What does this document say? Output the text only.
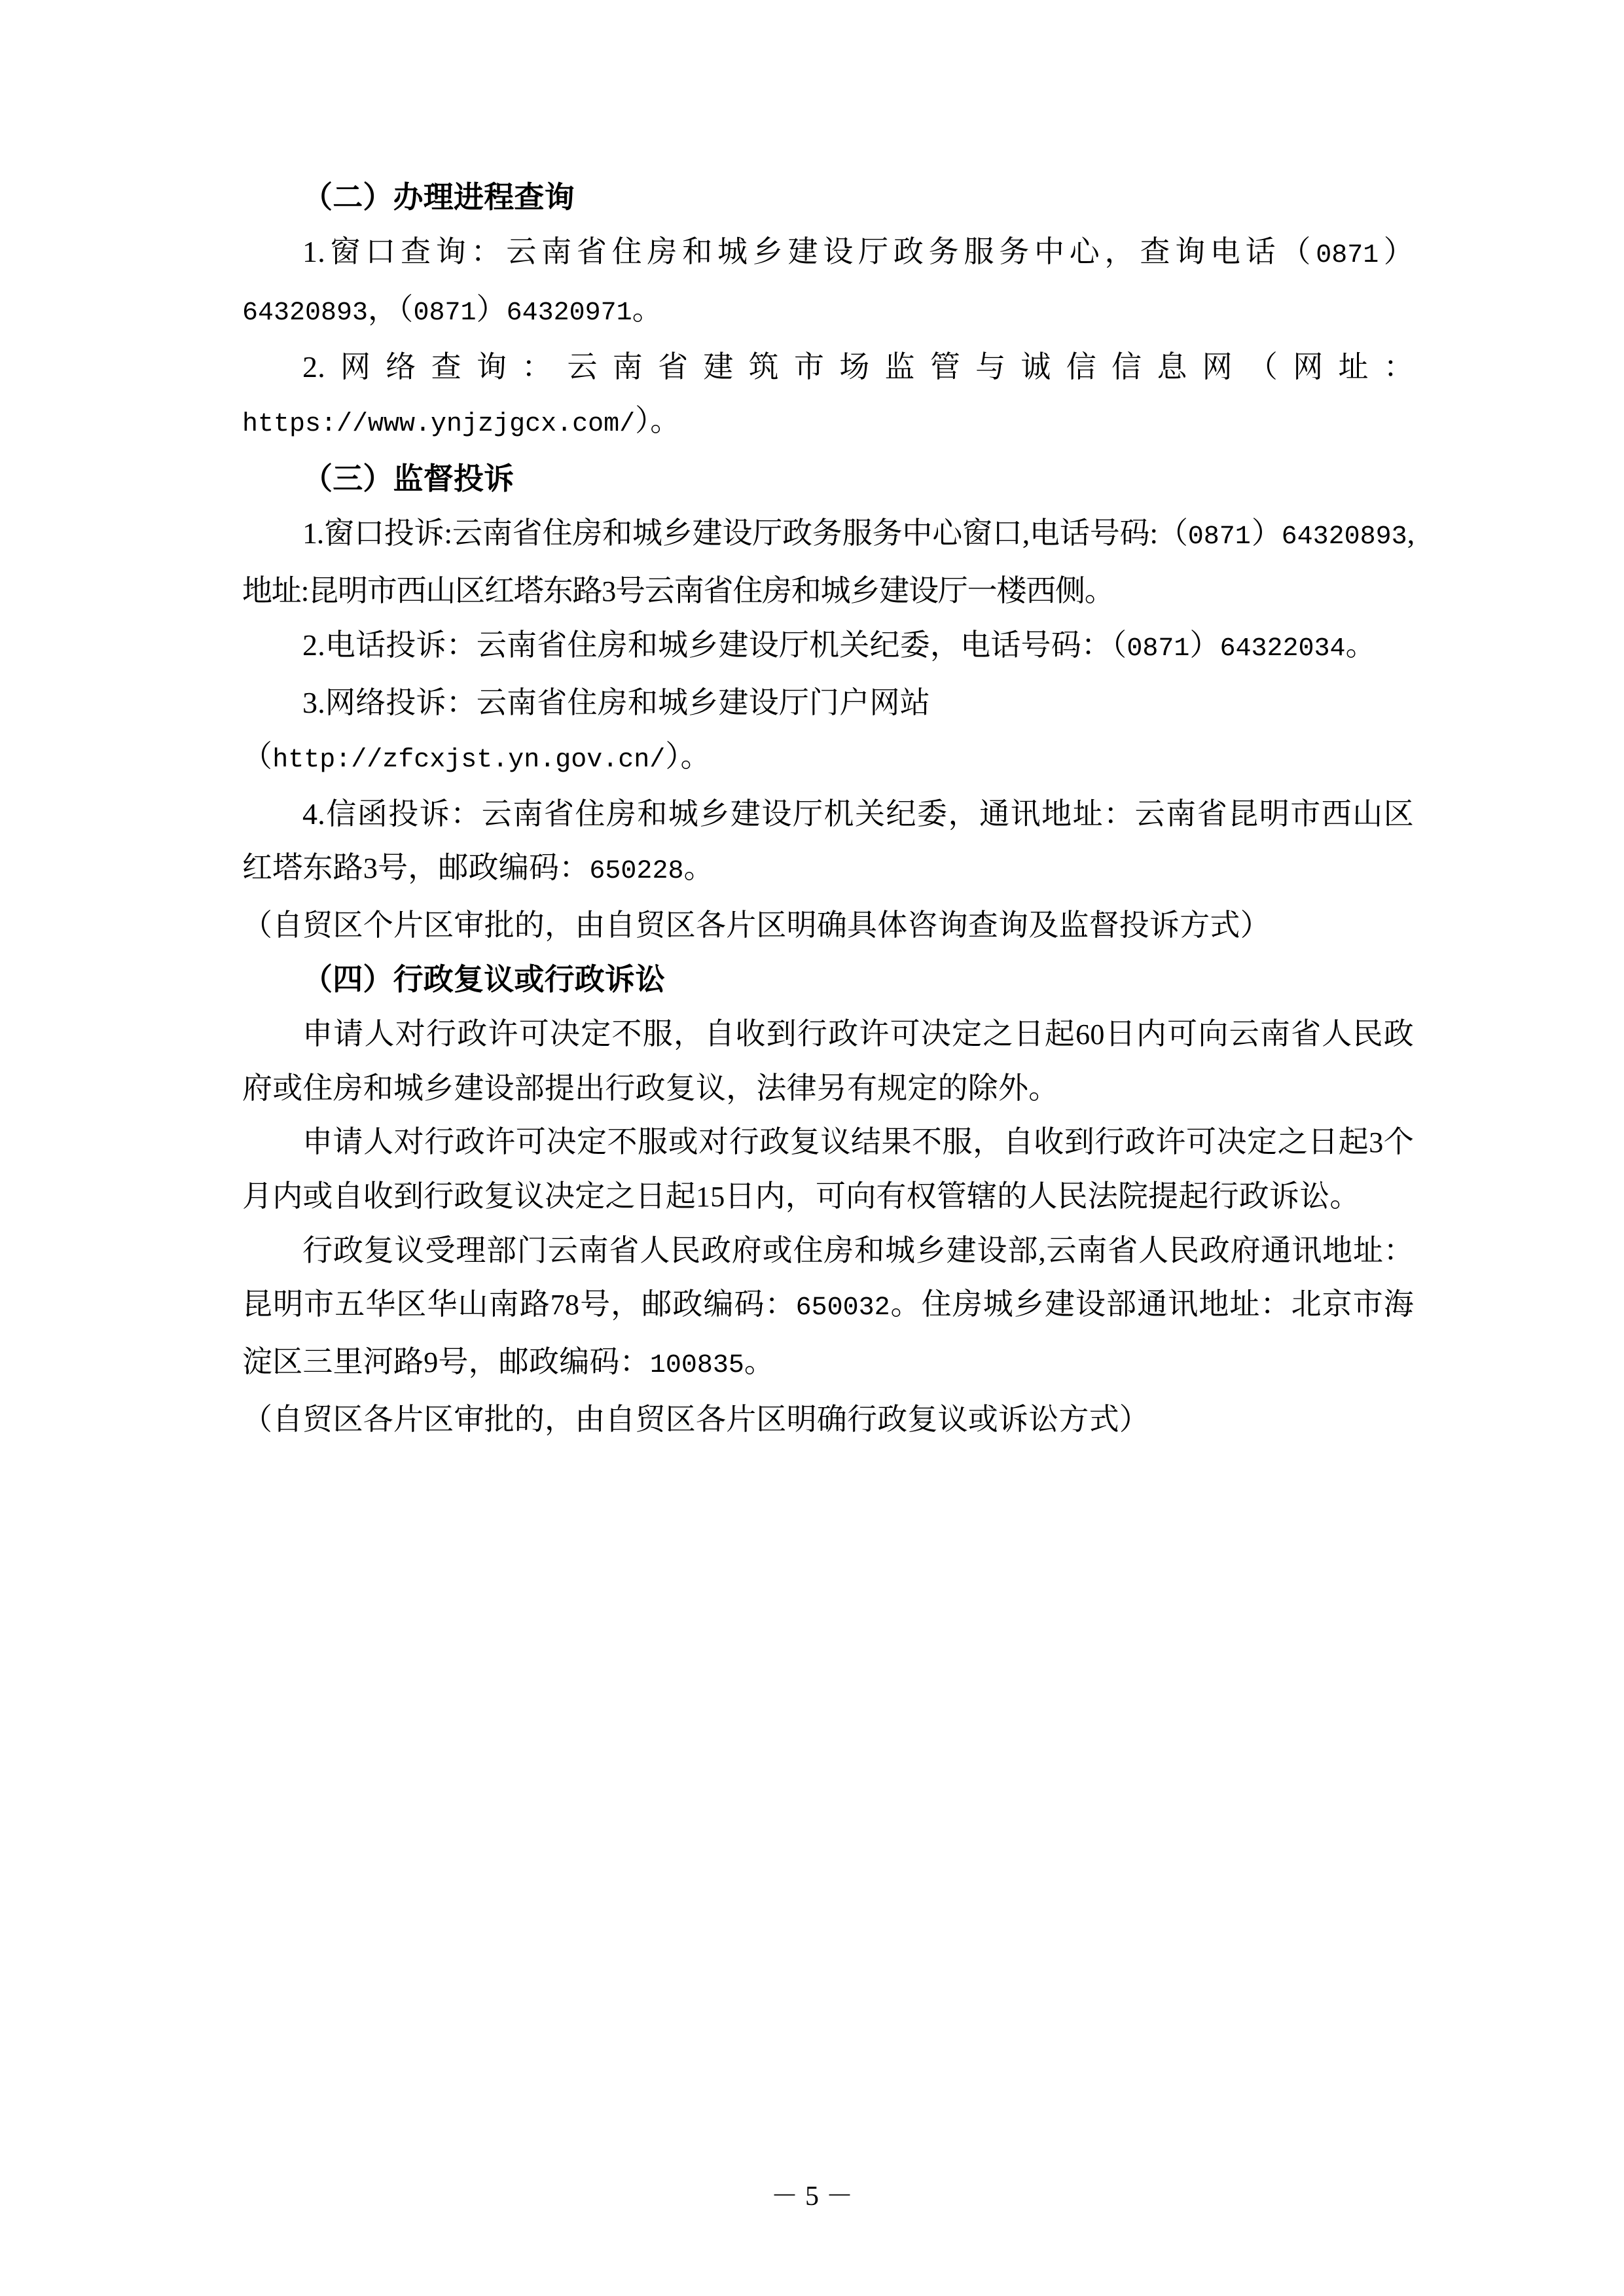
（二）办理进程查询

1.窗口查询：云南省住房和城乡建设厅政务服务中心，查询电话（0871）64320893，（0871）64320971。

2.网络查询：云南省建筑市场监管与诚信信息网（网址：https://www.ynjzjgcx.com/）。

（三）监督投诉

1.窗口投诉:云南省住房和城乡建设厅政务服务中心窗口,电话号码:（0871）64320893,地址:昆明市西山区红塔东路3号云南省住房和城乡建设厅一楼西侧。

2.电话投诉：云南省住房和城乡建设厅机关纪委，电话号码：（0871）64322034。

3.网络投诉：云南省住房和城乡建设厅门户网站
（http://zfcxjst.yn.gov.cn/）。

4.信函投诉：云南省住房和城乡建设厅机关纪委，通讯地址：云南省昆明市西山区红塔东路3号，邮政编码：650228。

（自贸区个片区审批的，由自贸区各片区明确具体咨询查询及监督投诉方式）

（四）行政复议或行政诉讼

申请人对行政许可决定不服，自收到行政许可决定之日起60日内可向云南省人民政府或住房和城乡建设部提出行政复议，法律另有规定的除外。

申请人对行政许可决定不服或对行政复议结果不服，自收到行政许可决定之日起3个月内或自收到行政复议决定之日起15日内，可向有权管辖的人民法院提起行政诉讼。

行政复议受理部门云南省人民政府或住房和城乡建设部,云南省人民政府通讯地址：昆明市五华区华山南路78号，邮政编码：650032。住房城乡建设部通讯地址：北京市海淀区三里河路9号，邮政编码：100835。

（自贸区各片区审批的，由自贸区各片区明确行政复议或诉讼方式）

－ 5 －
